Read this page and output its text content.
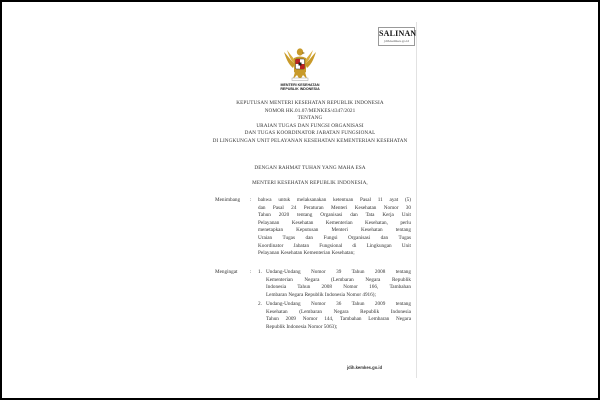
SALINAN
jdih.kemkes.go.id
MENTERI KESEHATAN
REPUBLIK INDONESIA
KEPUTUSAN MENTERI KESEHATAN REPUBLIK INDONESIA
NOMOR HK.01.07/MENKES/4347/2021
TENTANG
URAIAN TUGAS DAN FUNGSI ORGANISASI
DAN TUGAS KOORDINATOR JABATAN FUNGSIONAL
DI LINGKUNGAN UNIT PELAYANAN KESEHATAN KEMENTERIAN KESEHATAN
DENGAN RAHMAT TUHAN YANG MAHA ESA
MENTERI KESEHATAN REPUBLIK INDONESIA,
Menimbang : bahwa untuk melaksanakan ketentuan Pasal 11 ayat (5)
dan Pasal 24 Peraturan Menteri Kesehatan Nomor 30
Tahun 2020 tentang Organisasi dan Tata Kerja Unit
Pelayanan Kesehatan Kementerian Kesehatan, perlu
menetapkan Keputusan Menteri Kesehatan tentang
Uraian Tugas dan Fungsi Organisasi dan Tugas
Koordinator Jabatan Fungsional di Lingkungan Unit
Pelayanan Kesehatan Kementerian Kesehatan;
Mengingat : 1. Undang-Undang Nomor 39 Tahun 2008 tentang
Kementerian Negara (Lembaran Negara Republik
Indonesia Tahun 2008 Nomor 166, Tambahan
Lembaran Negara Republik Indonesia Nomor 4916);
2. Undang-Undang Nomor 36 Tahun 2009 tentang
Kesehatan (Lembaran Negara Republik Indonesia
Tahun 2009 Nomor 144, Tambahan Lembaran Negara
Republik Indonesia Nomor 5063);
jdih.kemkes.go.id
